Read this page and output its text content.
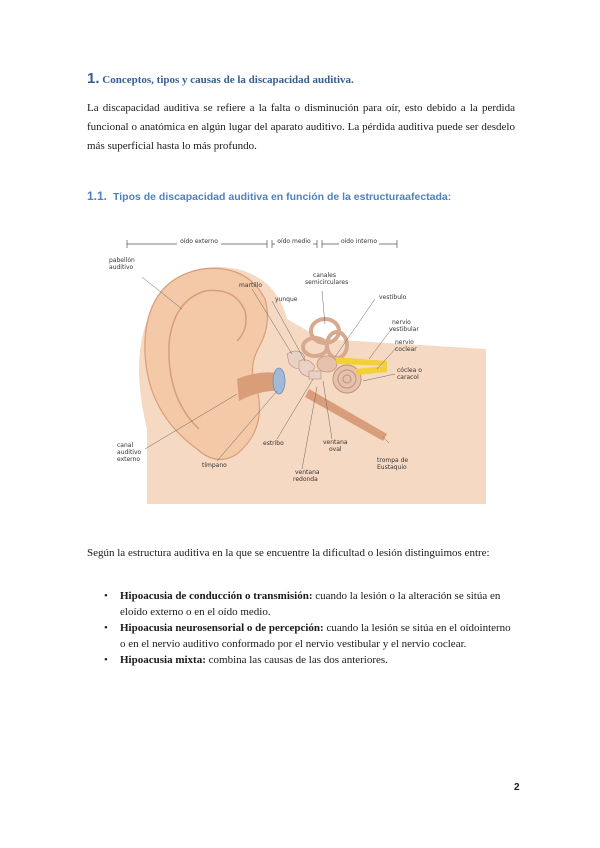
1. Conceptos, tipos y causas de la discapacidad auditiva.

La discapacidad auditiva se refiere a la falta o disminución para oír, esto debido a la perdida funcional o anatómica en algún lugar del aparato auditivo. La pérdida auditiva puede ser desdelo más superficial hasta lo más profundo.

1.1. Tipos de discapacidad auditiva en función de la estructuraafectada:
oído externo	oído medio	oído interno
pabellón auditivo
martillo
yunque
canales semicirculares
vestíbulo
nervio vestibular
nervio coclear
cóclea o caracol
canal auditivo externo
tímpano
estribo	ventana oval
ventana redonda
trompa de Eustaquio

Según la estructura auditiva en la que se encuentre la dificultad o lesión distinguimos entre:

• Hipoacusia de conducción o transmisión: cuando la lesión o la alteración se sitúa en eloído externo o en el oído medio.
• Hipoacusia neurosensorial o de percepción: cuando la lesión se sitúa en el oídointerno o en el nervio auditivo conformado por el nervio vestibular y el nervio coclear.
• Hipoacusia mixta: combina las causas de las dos anteriores.
2
